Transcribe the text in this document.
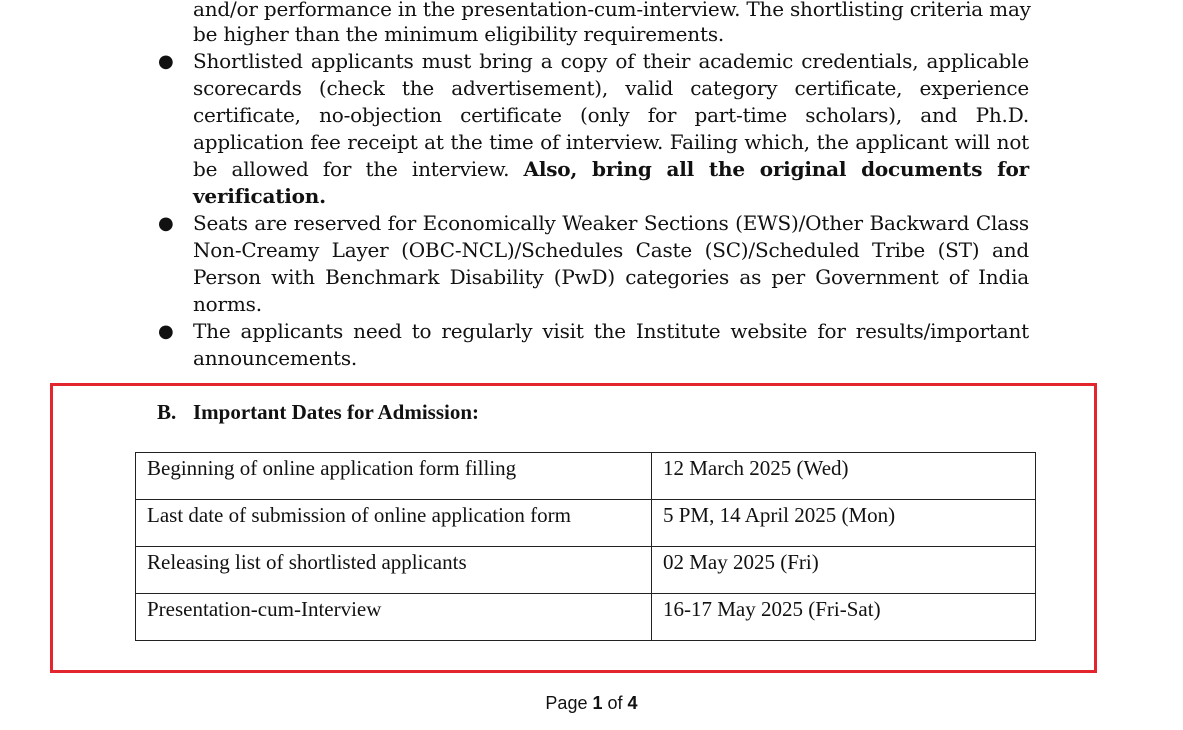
and/or performance in the presentation-cum-interview. The shortlisting criteria may
be higher than the minimum eligibility requirements.
● Shortlisted applicants must bring a copy of their academic credentials, applicable
scorecards (check the advertisement), valid category certificate, experience
certificate, no-objection certificate (only for part-time scholars), and Ph.D.
application fee receipt at the time of interview. Failing which, the applicant will not
be allowed for the interview. Also, bring all the original documents for
verification.
● Seats are reserved for Economically Weaker Sections (EWS)/Other Backward Class
Non-Creamy Layer (OBC-NCL)/Schedules Caste (SC)/Scheduled Tribe (ST) and
Person with Benchmark Disability (PwD) categories as per Government of India
norms.
● The applicants need to regularly visit the Institute website for results/important
announcements.
B. Important Dates for Admission:
Beginning of online application form filling	12 March 2025 (Wed)
Last date of submission of online application form	5 PM, 14 April 2025 (Mon)
Releasing list of shortlisted applicants	02 May 2025 (Fri)
Presentation-cum-Interview	16-17 May 2025 (Fri-Sat)
Page 1 of 4
